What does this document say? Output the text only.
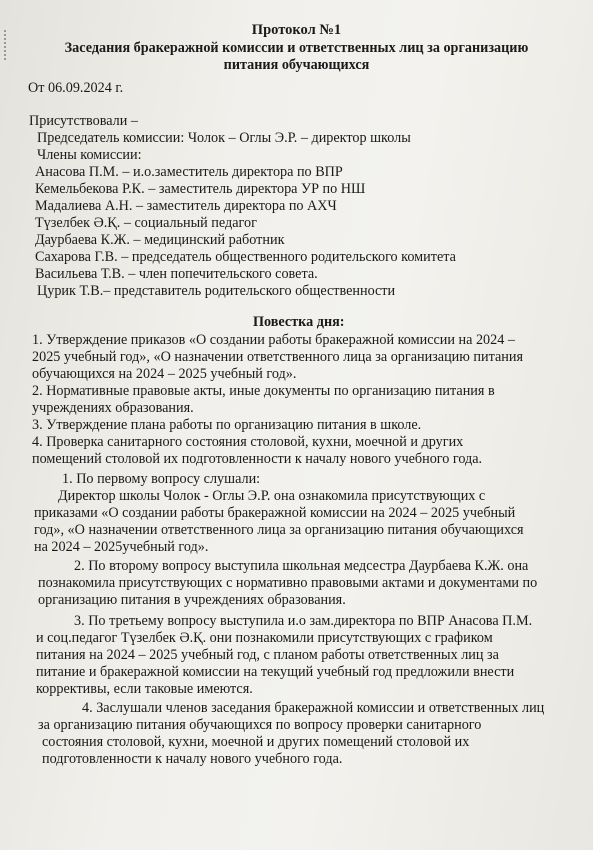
Протокол №1
Заседания бракеражной комиссии и ответственных лиц за организацию
питания обучающихся
От 06.09.2024 г.
Присутствовали –
Председатель комиссии: Чолок – Оглы Э.Р. – директор школы
Члены комиссии:
Анасова П.М. – и.о.заместитель директора по ВПР
Кемельбекова Р.К. – заместитель директора УР по НШ
Мадалиева А.Н. – заместитель директора по АХЧ
Түзелбек Ә.Қ. – социальный педагог
Даурбаева К.Ж. – медицинский работник
Сахарова Г.В. – председатель общественного родительского комитета
Васильева Т.В. – член попечительского совета.
Цурик Т.В.– представитель родительского общественности
Повестка дня:
1. Утверждение приказов «О создании работы бракеражной комиссии на 2024 –
2025 учебный год», «О назначении ответственного лица за организацию питания
обучающихся на 2024 – 2025 учебный год».
2. Нормативные правовые акты, иные документы по организацию питания в
учреждениях образования.
3. Утверждение плана работы по организацию питания в школе.
4. Проверка санитарного состояния столовой, кухни, моечной и других
помещений столовой их подготовленности к началу нового учебного года.
1. По первому вопросу слушали:
Директор школы Чолок - Оглы Э.Р. она ознакомила присутствующих с
приказами «О создании работы бракеражной комиссии на 2024 – 2025 учебный
год», «О назначении ответственного лица за организацию питания обучающихся
на 2024 – 2025учебный год».
2. По второму вопросу выступила школьная медсестра Даурбаева К.Ж. она
познакомила присутствующих с нормативно правовыми актами и документами по
организацию питания в учреждениях образования.
3. По третьему вопросу выступила и.о зам.директора по ВПР Анасова П.М.
и соц.педагог Түзелбек Ә.Қ. они познакомили присутствующих с графиком
питания на 2024 – 2025 учебный год, с планом работы ответственных лиц за
питание и бракеражной комиссии на текущий учебный год предложили внести
коррективы, если таковые имеются.
4. Заслушали членов заседания бракеражной комиссии и ответственных лиц
за организацию питания обучающихся по вопросу проверки санитарного
состояния столовой, кухни, моечной и других помещений столовой их
подготовленности к началу нового учебного года.
